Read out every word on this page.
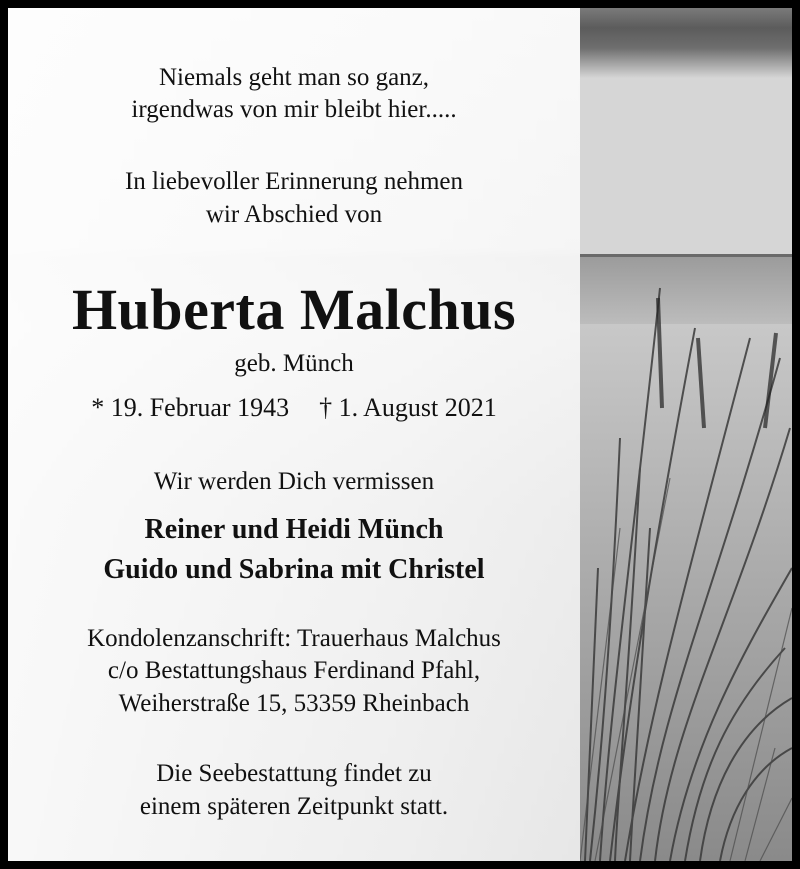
Niemals geht man so ganz,
irgendwas von mir bleibt hier.....
In liebevoller Erinnerung nehmen
wir Abschied von
Huberta Malchus
geb. Münch
* 19. Februar 1943 † 1. August 2021
Wir werden Dich vermissen
Reiner und Heidi Münch
Guido und Sabrina mit Christel
Kondolenzanschrift: Trauerhaus Malchus
c/o Bestattungshaus Ferdinand Pfahl,
Weiherstraße 15, 53359 Rheinbach
Die Seebestattung findet zu
einem späteren Zeitpunkt statt.
